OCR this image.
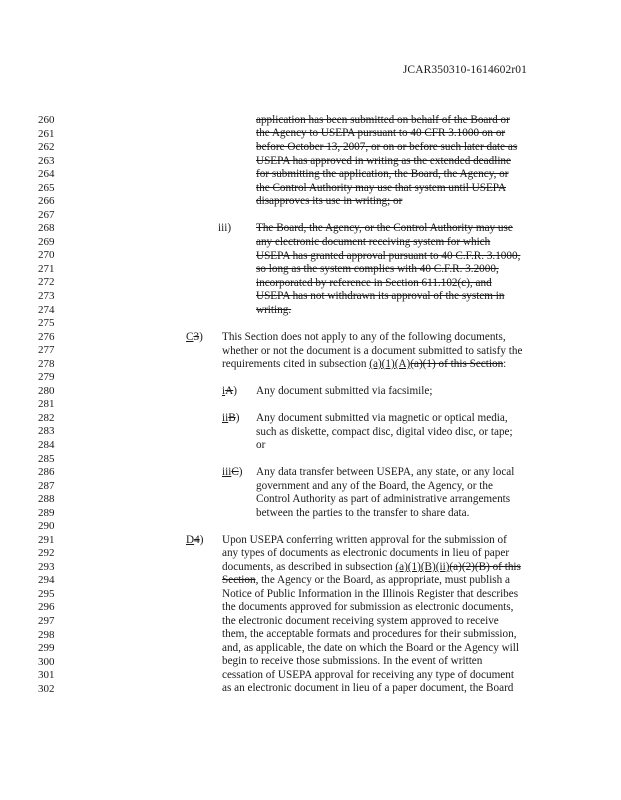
JCAR350310-1614602r01
260
261
262
263
264
265
266
267
268
269
270
271
272
273
274
275
276
277
278
279
280
281
282
283
284
285
286
287
288
289
290
291
292
293
294
295
296
297
298
299
300
301
302
application has been submitted on behalf of the Board or
the Agency to USEPA pursuant to 40 CFR 3.1000 on or
before October 13, 2007, or on or before such later date as
USEPA has approved in writing as the extended deadline
for submitting the application, the Board, the Agency, or
the Control Authority may use that system until USEPA
disapproves its use in writing; or
iii) The Board, the Agency, or the Control Authority may use
any electronic document receiving system for which
USEPA has granted approval pursuant to 40 C.F.R. 3.1000,
so long as the system complies with 40 C.F.R. 3.2000,
incorporated by reference in Section 611.102(c), and
USEPA has not withdrawn its approval of the system in
writing.
C3) This Section does not apply to any of the following documents,
whether or not the document is a document submitted to satisfy the
requirements cited in subsection (a)(1)(A)(a)(1) of this Section:
iA) Any document submitted via facsimile;
iiB) Any document submitted via magnetic or optical media,
such as diskette, compact disc, digital video disc, or tape;
or
iiiC) Any data transfer between USEPA, any state, or any local
government and any of the Board, the Agency, or the
Control Authority as part of administrative arrangements
between the parties to the transfer to share data.
D4) Upon USEPA conferring written approval for the submission of
any types of documents as electronic documents in lieu of paper
documents, as described in subsection (a)(1)(B)(ii)(a)(2)(B) of this
Section, the Agency or the Board, as appropriate, must publish a
Notice of Public Information in the Illinois Register that describes
the documents approved for submission as electronic documents,
the electronic document receiving system approved to receive
them, the acceptable formats and procedures for their submission,
and, as applicable, the date on which the Board or the Agency will
begin to receive those submissions. In the event of written
cessation of USEPA approval for receiving any type of document
as an electronic document in lieu of a paper document, the Board
